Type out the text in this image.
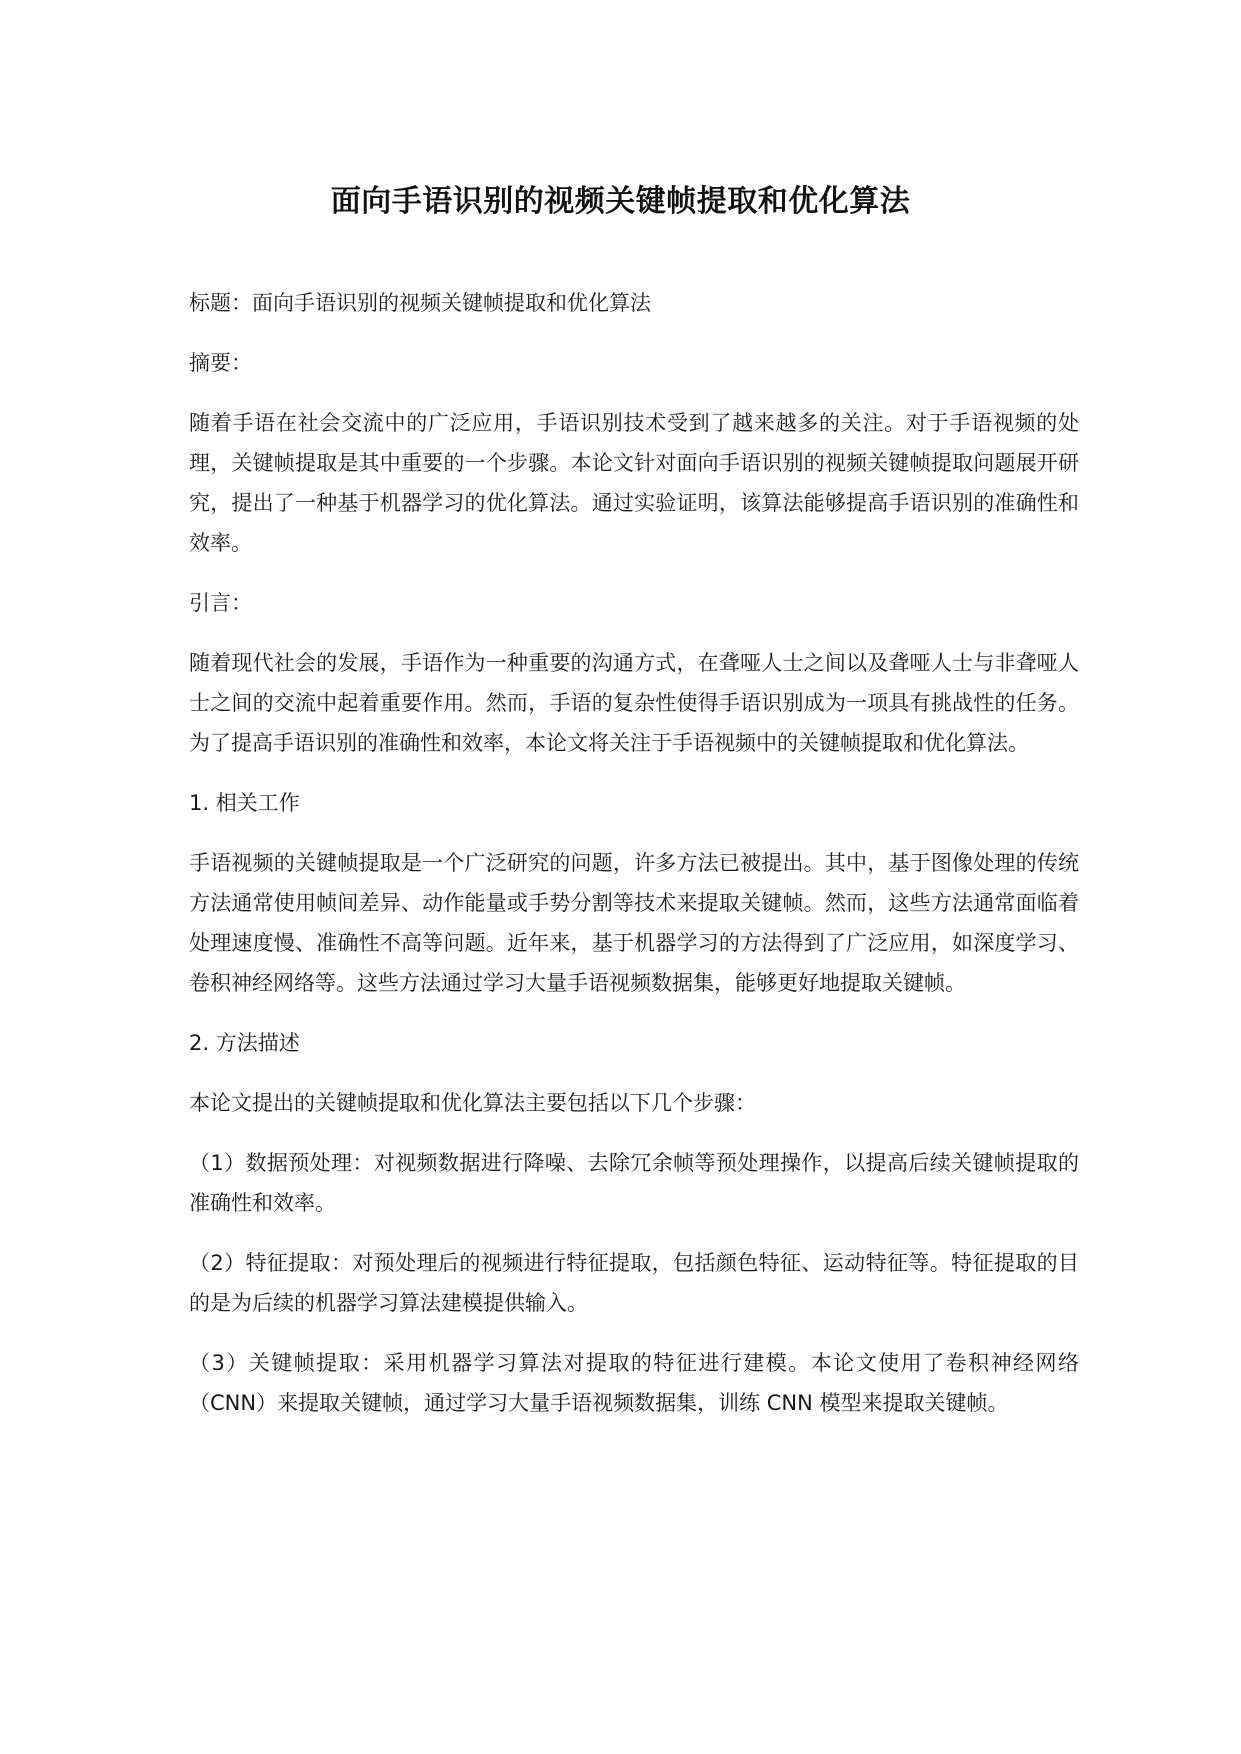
面向手语识别的视频关键帧提取和优化算法

标题：面向手语识别的视频关键帧提取和优化算法

摘要：

随着手语在社会交流中的广泛应用，手语识别技术受到了越来越多的关注。对于手语视频的处理，关键帧提取是其中重要的一个步骤。本论文针对面向手语识别的视频关键帧提取问题展开研究，提出了一种基于机器学习的优化算法。通过实验证明，该算法能够提高手语识别的准确性和效率。

引言：

随着现代社会的发展，手语作为一种重要的沟通方式，在聋哑人士之间以及聋哑人士与非聋哑人士之间的交流中起着重要作用。然而，手语的复杂性使得手语识别成为一项具有挑战性的任务。为了提高手语识别的准确性和效率，本论文将关注于手语视频中的关键帧提取和优化算法。

1. 相关工作

手语视频的关键帧提取是一个广泛研究的问题，许多方法已被提出。其中，基于图像处理的传统方法通常使用帧间差异、动作能量或手势分割等技术来提取关键帧。然而，这些方法通常面临着处理速度慢、准确性不高等问题。近年来，基于机器学习的方法得到了广泛应用，如深度学习、卷积神经网络等。这些方法通过学习大量手语视频数据集，能够更好地提取关键帧。

2. 方法描述

本论文提出的关键帧提取和优化算法主要包括以下几个步骤：

（1）数据预处理：对视频数据进行降噪、去除冗余帧等预处理操作，以提高后续关键帧提取的准确性和效率。

（2）特征提取：对预处理后的视频进行特征提取，包括颜色特征、运动特征等。特征提取的目的是为后续的机器学习算法建模提供输入。

（3）关键帧提取：采用机器学习算法对提取的特征进行建模。本论文使用了卷积神经网络（CNN）来提取关键帧，通过学习大量手语视频数据集，训练 CNN 模型来提取关键帧。
